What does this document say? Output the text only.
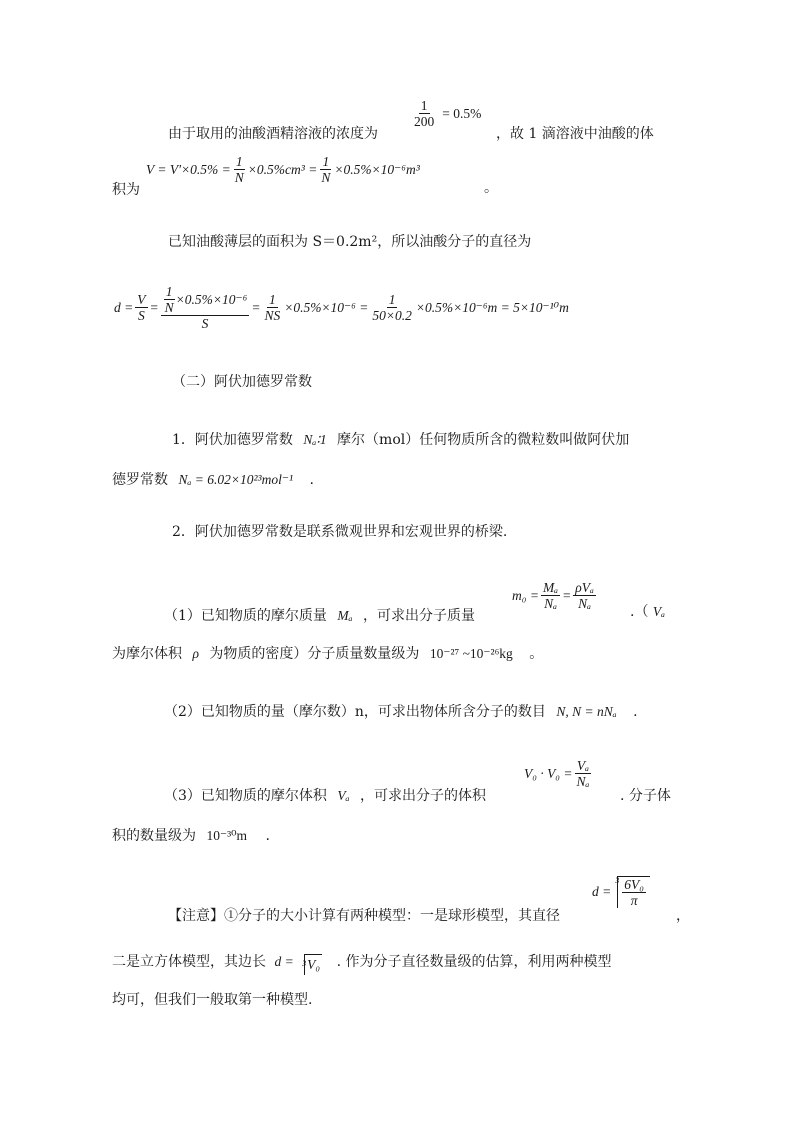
由于取用的油酸酒精溶液的浓度为
$\frac{1}{200} = 0.5\%$
，故 1 滴溶液中油酸的体
积为
$V = V'\times 0.5\% = \frac{1}{N} \times 0.5\%cm^3 = \frac{1}{N} \times 0.5\%\times 10^{-6}m^3$
。
已知油酸薄层的面积为 S＝0.2m²，所以油酸分子的直径为
$d = \frac{V}{S} = \frac{\frac{1}{N} \times 0.5\%\times 10^{-6}}{S} = \frac{1}{NS} \times 0.5\%\times 10^{-6} = \frac{1}{50\times 0.2} \times 0.5\%\times 10^{-6}m = 5\times 10^{-10}m$
（二）阿伏加德罗常数
1．阿伏加德罗常数 Nₐ∶1 摩尔（mol）任何物质所含的微粒数叫做阿伏加
德罗常数 Nₐ = 6.02×10²³mol⁻¹ .
2．阿伏加德罗常数是联系微观世界和宏观世界的桥梁.
（1）已知物质的摩尔质量 Mₐ ，可求出分子质量
$m_0 = \frac{\text{Mₐ}}{\text{Nₐ}} = \frac{\text{ρVₐ}}{\text{Nₐ}}$
.（ Vₐ
为摩尔体积 ρ 为物质的密度）分子质量数量级为 10⁻²⁷ ~10⁻²⁶kg 。
（2）已知物质的量（摩尔数）n，可求出物体所含分子的数目 N, N = nNₐ .
（3）已知物质的摩尔体积 Vₐ ，可求出分子的体积
$V_0 \cdot V_0 = \frac{\text{Vₐ}}{\text{Nₐ}}$
. 分子体
积的数量级为 10⁻³⁰m .
【注意】①分子的大小计算有两种模型：一是球形模型，其直径
d =
$3 \frac{\text{6V₀}}{\pi}$
，
二是立方体模型，其边长 d = 3 V₀ . 作为分子直径数量级的估算，利用两种模型
均可，但我们一般取第一种模型.
